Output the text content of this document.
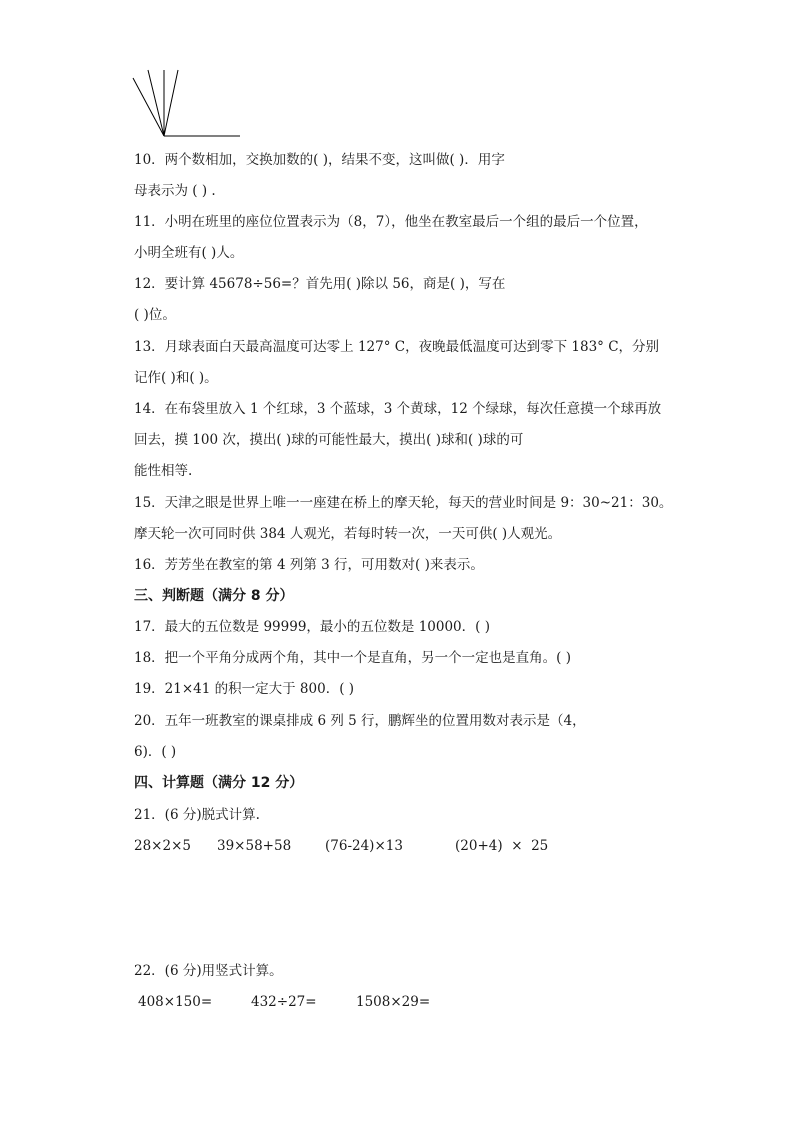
10．两个数相加，交换加数的( )，结果不变，这叫做( )．用字
母表示为 ( ) .
11．小明在班里的座位位置表示为（8，7），他坐在教室最后一个组的最后一个位置，
小明全班有( )人。
12．要计算 45678÷56=？首先用( )除以 56，商是( )，写在
( )位。
13．月球表面白天最高温度可达零上 127° C，夜晚最低温度可达到零下 183° C，分别
记作( )和( )。
14．在布袋里放入 1 个红球，3 个蓝球，3 个黄球，12 个绿球，每次任意摸一个球再放
回去，摸 100 次，摸出( )球的可能性最大，摸出( )球和( )球的可
能性相等.
15．天津之眼是世界上唯一一座建在桥上的摩天轮，每天的营业时间是 9：30~21：30。
摩天轮一次可同时供 384 人观光，若每时转一次，一天可供( )人观光。
16．芳芳坐在教室的第 4 列第 3 行，可用数对( )来表示。
三、判断题（满分 8 分）
17．最大的五位数是 99999，最小的五位数是 10000．( )
18．把一个平角分成两个角，其中一个是直角，另一个一定也是直角。( )
19．21×41 的积一定大于 800．( )
20．五年一班教室的课桌排成 6 列 5 行，鹏辉坐的位置用数对表示是（4，
6)．( )
四、计算题（满分 12 分）
21．(6 分)脱式计算.
28×2×5 39×58+58	(76-24)×13	(20+4)  ×  25
22．(6 分)用竖式计算。
408×150=	432÷27=	1508×29=
